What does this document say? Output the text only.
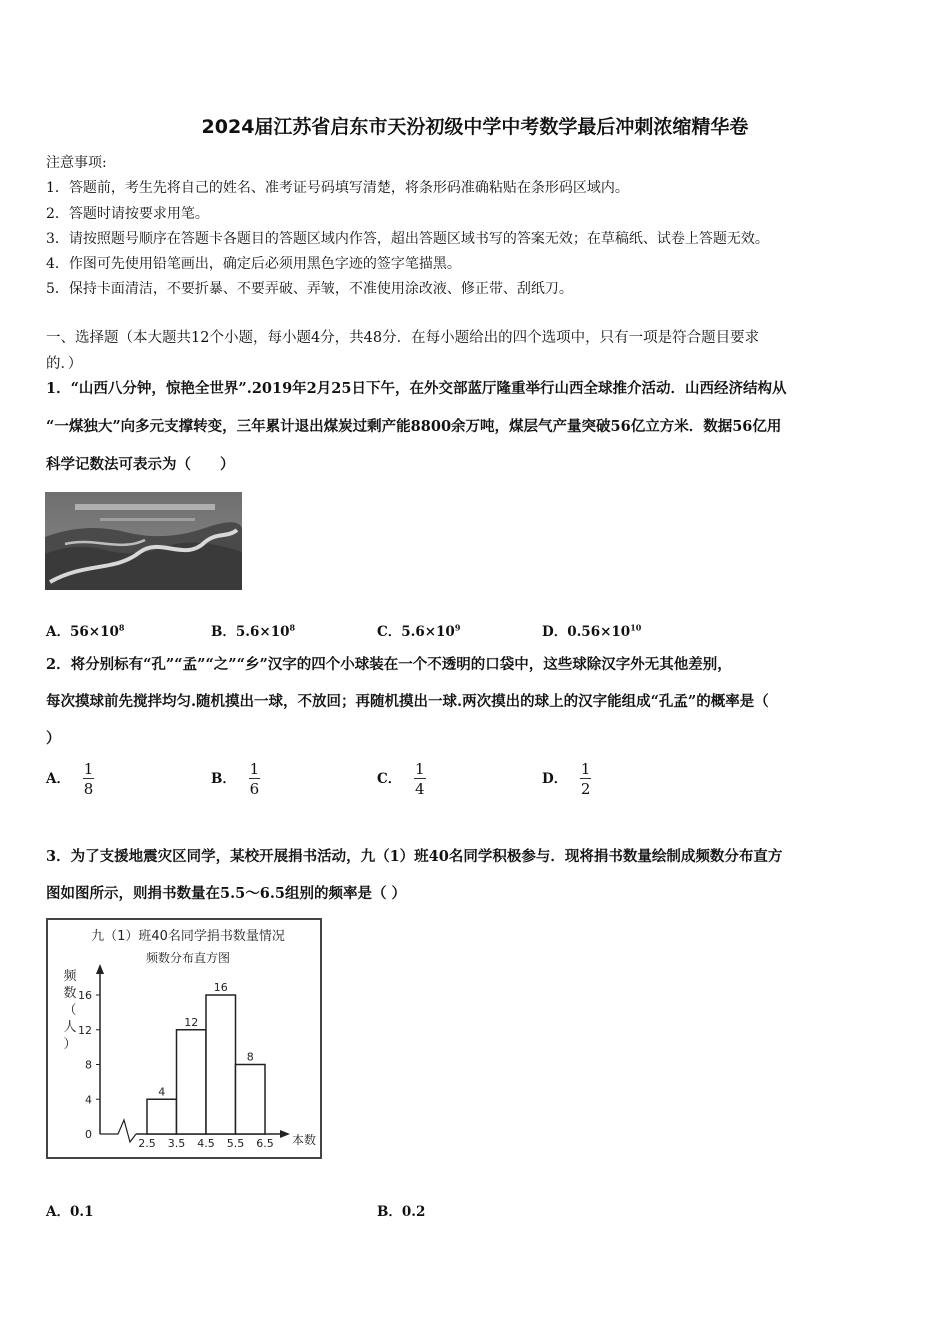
2024届江苏省启东市天汾初级中学中考数学最后冲刺浓缩精华卷
注意事项:
1．答题前，考生先将自己的姓名、准考证号码填写清楚，将条形码准确粘贴在条形码区域内。
2．答题时请按要求用笔。
3．请按照题号顺序在答题卡各题目的答题区域内作答，超出答题区域书写的答案无效；在草稿纸、试卷上答题无效。
4．作图可先使用铅笔画出，确定后必须用黑色字迹的签字笔描黑。
5．保持卡面清洁，不要折暴、不要弄破、弄皱，不准使用涂改液、修正带、刮纸刀。
一、选择题（本大题共12个小题，每小题4分，共48分．在每小题给出的四个选项中，只有一项是符合题目要求
的．）
1．“山西八分钟，惊艳全世界”.2019年2月25日下午，在外交部蓝厅隆重举行山西全球推介活动．山西经济结构从
“一煤独大”向多元支撑转变，三年累计退出煤炭过剩产能8800余万吨，煤层气产量突破56亿立方米．数据56亿用
科学记数法可表示为（　　）
A．$56\times 10^8$	B．$5.6\times 10^8$	C．$5.6\times 10^9$	D．$0.56\times 10^{10}$
2．将分别标有“孔”“孟”“之”“乡”汉字的四个小球装在一个不透明的口袋中，这些球除汉字外无其他差别，
每次摸球前先搅拌均匀.随机摸出一球，不放回；再随机摸出一球.两次摸出的球上的汉字能组成“孔孟”的概率是（
）
A． $\frac{1}{8}$	B． $\frac{1}{6}$	C． $\frac{1}{4}$	D． $\frac{1}{2}$
3．为了支援地震灾区同学，某校开展捐书活动，九（1）班40名同学积极参与．现将捐书数量绘制成频数分布直方
图如图所示，则捐书数量在5.5～6.5组别的频率是（ ）
九（1）班40名同学捐书数量情况
频数分布直方图
本数
频
数
（
人
）
4
12
16
8
2.5 3.5 4.5 5.5 6.5
0
4
8
12
16
A．0.1	B．0.2
